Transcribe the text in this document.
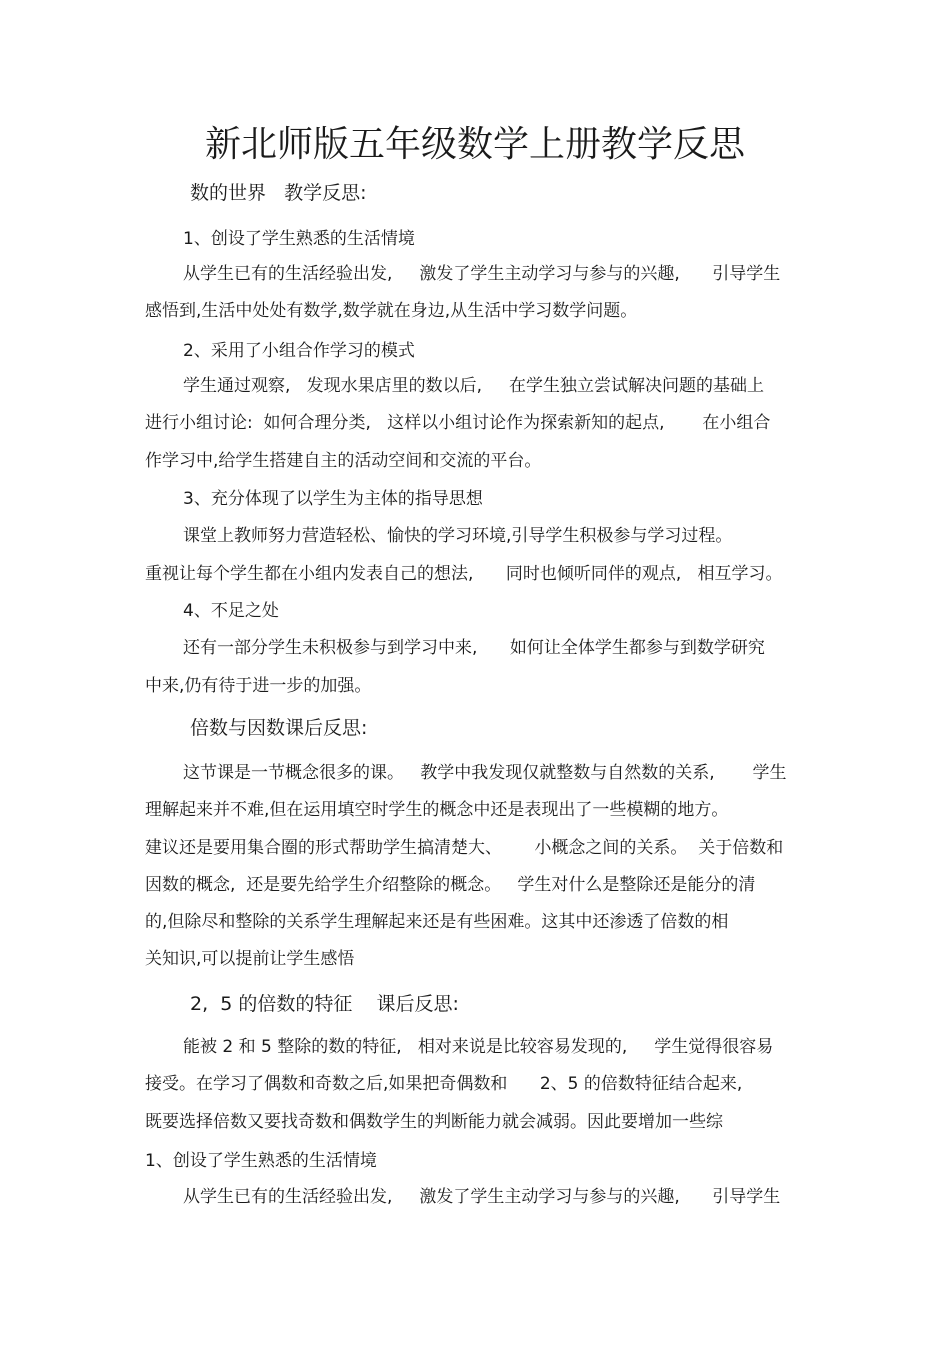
新北师版五年级数学上册教学反思
数的世界   教学反思:
1、创设了学生熟悉的生活情境
从学生已有的生活经验出发,     激发了学生主动学习与参与的兴趣,      引导学生
感悟到,生活中处处有数学,数学就在身边,从生活中学习数学问题。
2、采用了小组合作学习的模式
学生通过观察,   发现水果店里的数以后,     在学生独立尝试解决问题的基础上
进行小组讨论:  如何合理分类,   这样以小组讨论作为探索新知的起点,       在小组合
作学习中,给学生搭建自主的活动空间和交流的平台。
3、充分体现了以学生为主体的指导思想
课堂上教师努力营造轻松、愉快的学习环境,引导学生积极参与学习过程。
重视让每个学生都在小组内发表自己的想法,      同时也倾听同伴的观点,   相互学习。
4、不足之处
还有一部分学生未积极参与到学习中来,      如何让全体学生都参与到数学研究
中来,仍有待于进一步的加强。
倍数与因数课后反思:
这节课是一节概念很多的课。   教学中我发现仅就整数与自然数的关系,       学生
理解起来并不难,但在运用填空时学生的概念中还是表现出了一些模糊的地方。
建议还是要用集合圈的形式帮助学生搞清楚大、      小概念之间的关系。  关于倍数和
因数的概念,  还是要先给学生介绍整除的概念。   学生对什么是整除还是能分的清
的,但除尽和整除的关系学生理解起来还是有些困难。这其中还渗透了倍数的相
关知识,可以提前让学生感悟
2,  5 的倍数的特征    课后反思:
能被 2 和 5 整除的数的特征,   相对来说是比较容易发现的,     学生觉得很容易
接受。在学习了偶数和奇数之后,如果把奇偶数和      2、5 的倍数特征结合起来,
既要选择倍数又要找奇数和偶数学生的判断能力就会减弱。因此要增加一些综
1、创设了学生熟悉的生活情境
从学生已有的生活经验出发,     激发了学生主动学习与参与的兴趣,      引导学生
